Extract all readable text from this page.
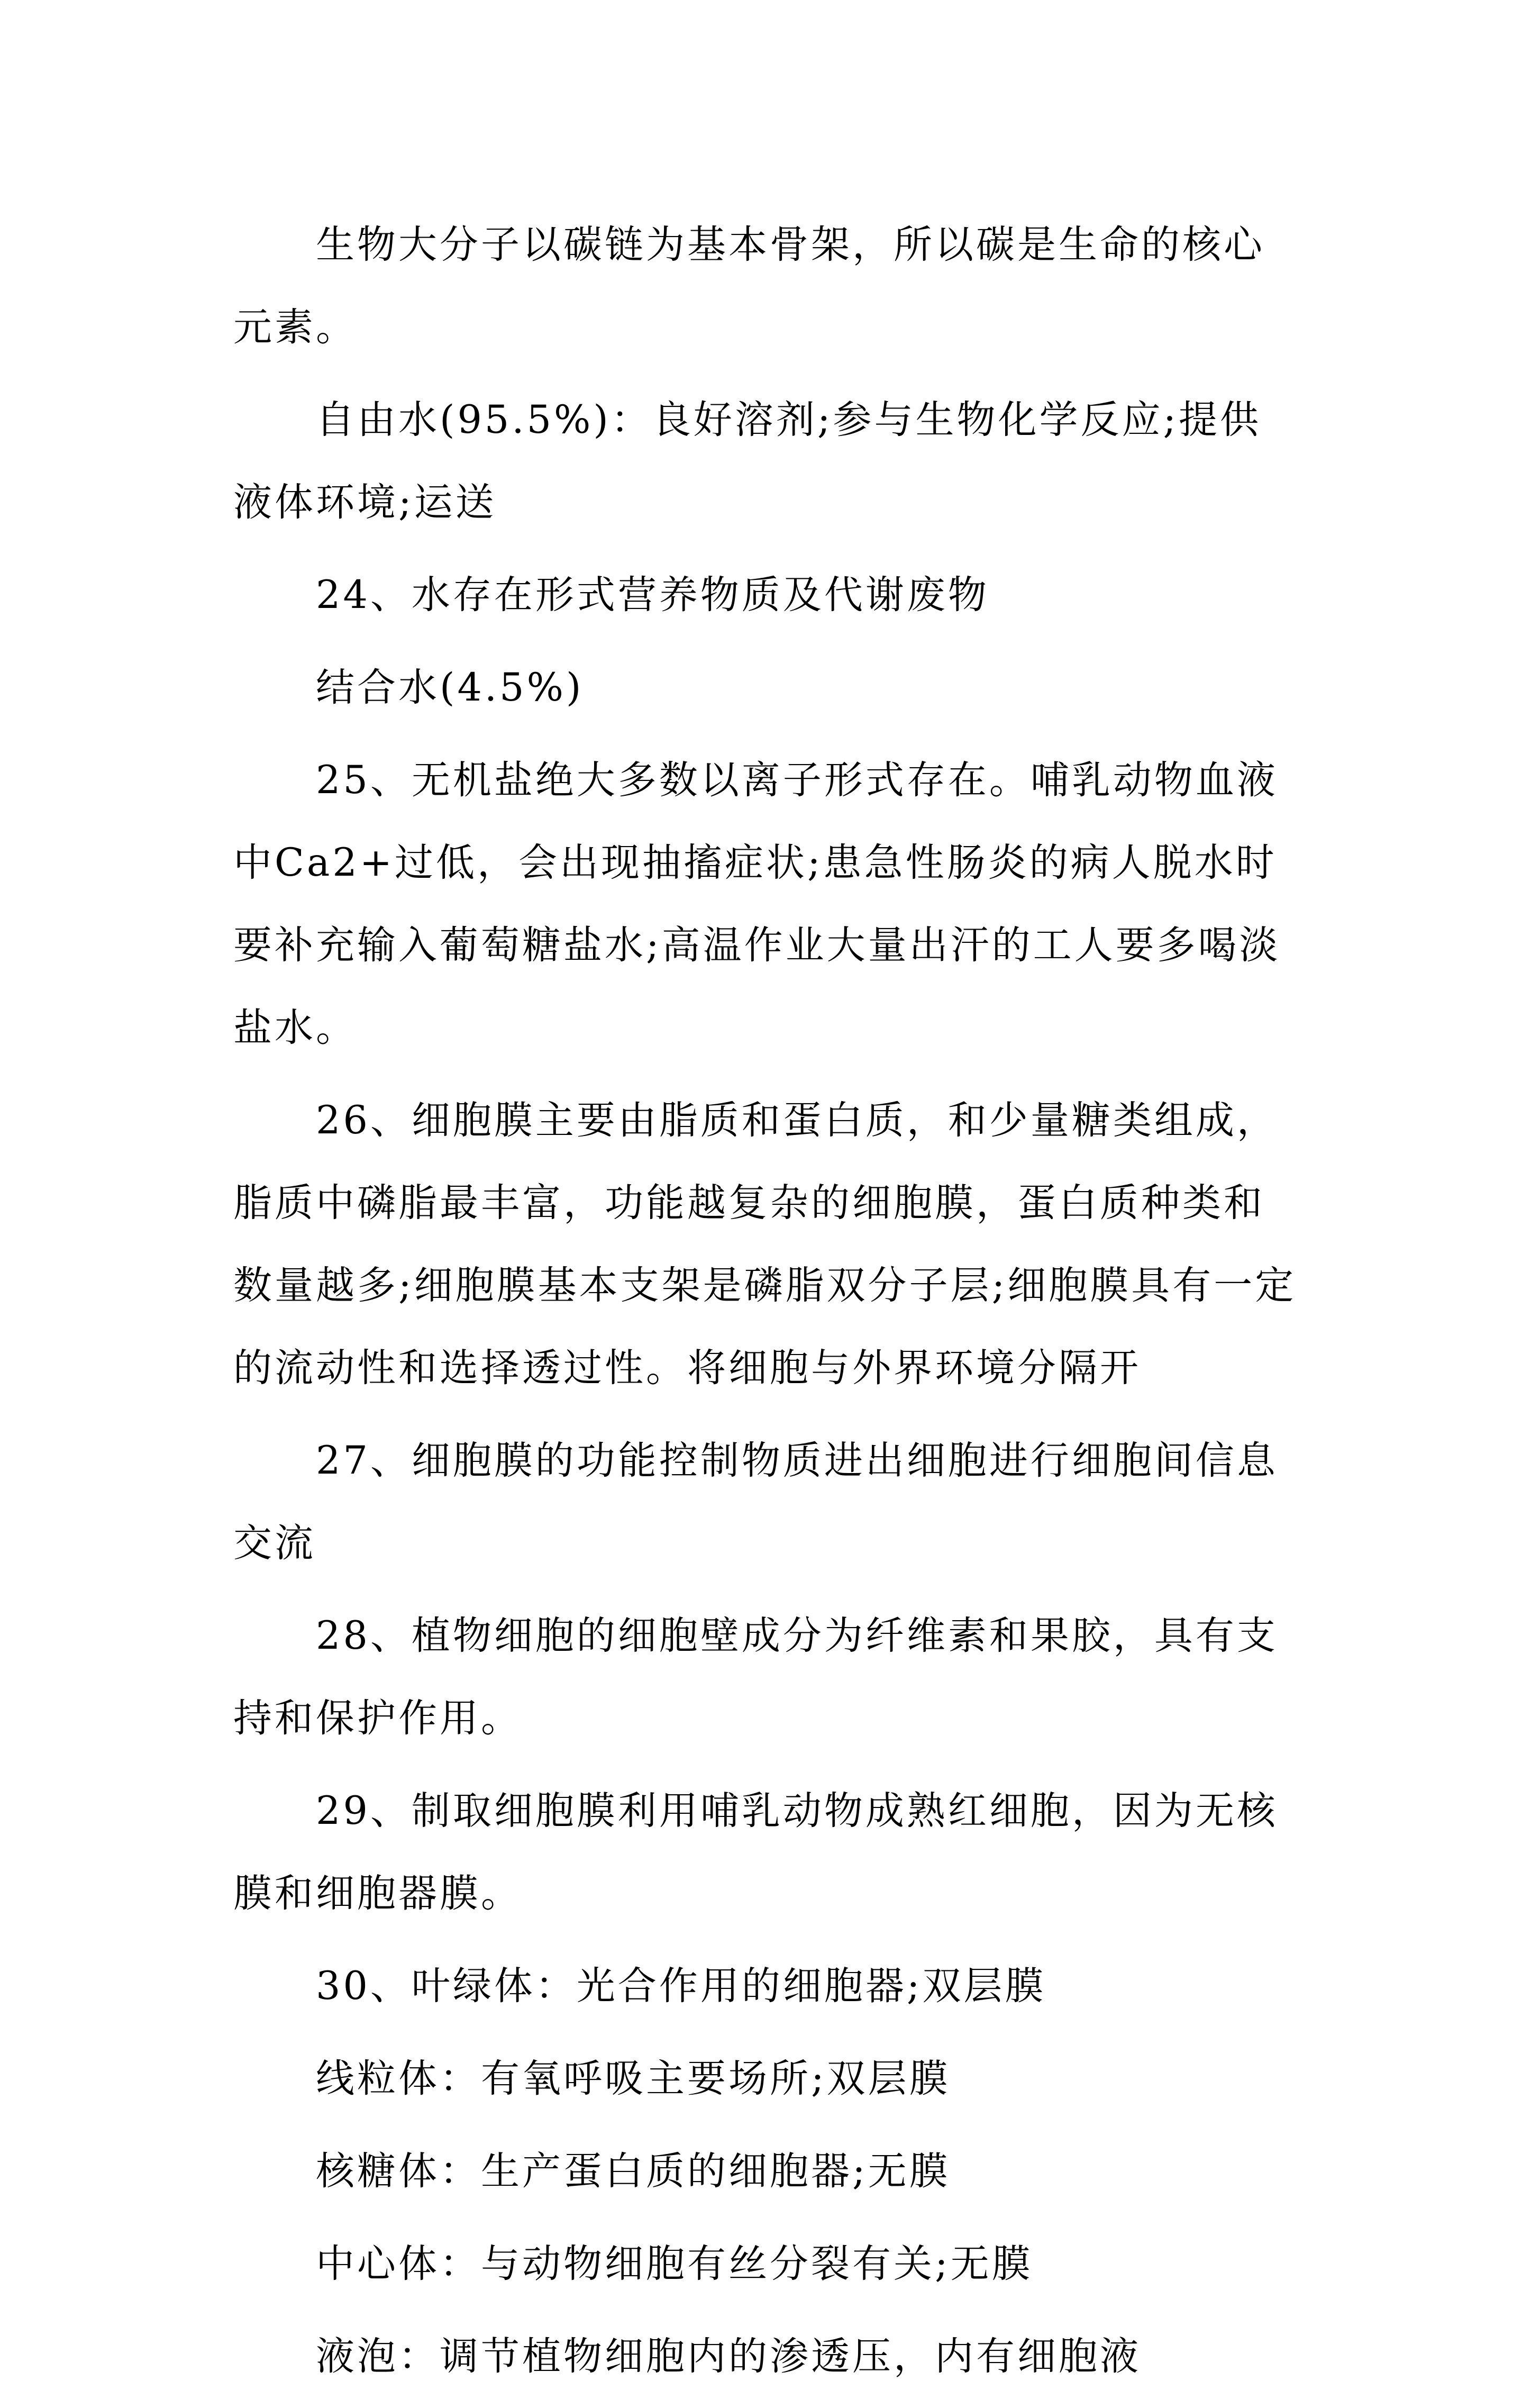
生物大分子以碳链为基本骨架，所以碳是生命的核心元素。

自由水(95.5%)：良好溶剂;参与生物化学反应;提供液体环境;运送

24、水存在形式营养物质及代谢废物

结合水(4.5%)

25、无机盐绝大多数以离子形式存在。哺乳动物血液中Ca2+过低，会出现抽搐症状;患急性肠炎的病人脱水时要补充输入葡萄糖盐水;高温作业大量出汗的工人要多喝淡盐水。

26、细胞膜主要由脂质和蛋白质，和少量糖类组成，脂质中磷脂最丰富，功能越复杂的细胞膜，蛋白质种类和数量越多;细胞膜基本支架是磷脂双分子层;细胞膜具有一定的流动性和选择透过性。将细胞与外界环境分隔开

27、细胞膜的功能控制物质进出细胞进行细胞间信息交流

28、植物细胞的细胞壁成分为纤维素和果胶，具有支持和保护作用。

29、制取细胞膜利用哺乳动物成熟红细胞，因为无核膜和细胞器膜。

30、叶绿体：光合作用的细胞器;双层膜

线粒体：有氧呼吸主要场所;双层膜

核糖体：生产蛋白质的细胞器;无膜

中心体：与动物细胞有丝分裂有关;无膜

液泡：调节植物细胞内的渗透压，内有细胞液
